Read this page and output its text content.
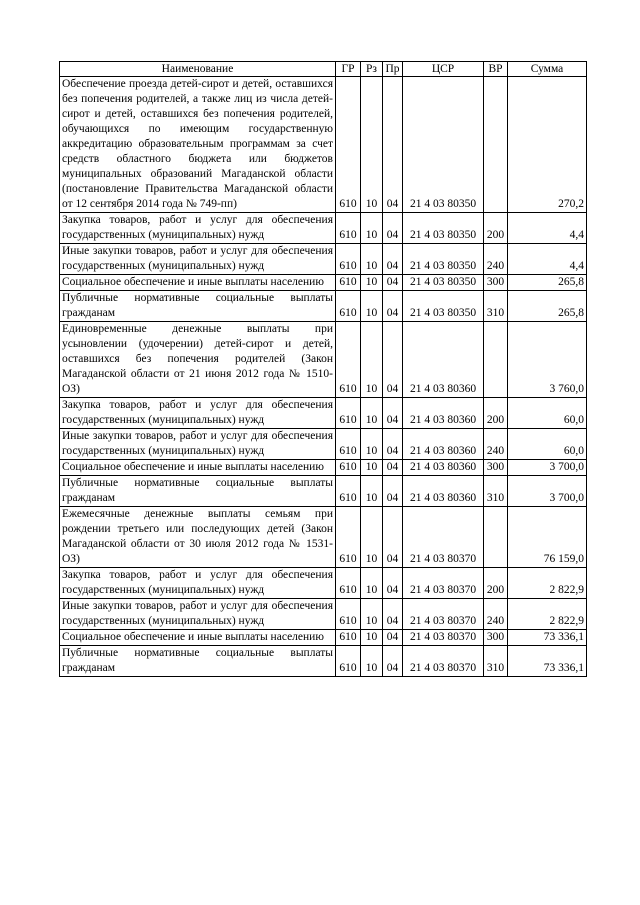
Наименование	ГР	Рз	Пр	ЦСР	ВР	Сумма
Обеспечение проезда детей-сирот и детей, оставшихся без попечения родителей, а также лиц из числа детей-сирот и детей, оставшихся без попечения родителей, обучающихся по имеющим государственную аккредитацию образовательным программам за счет средств областного бюджета или бюджетов муниципальных образований Магаданской области (постановление Правительства Магаданской области от 12 сентября 2014 года № 749-пп)	610	10	04	21 4 03 80350		270,2
Закупка товаров, работ и услуг для обеспечения государственных (муниципальных) нужд	610	10	04	21 4 03 80350	200	4,4
Иные закупки товаров, работ и услуг для обеспечения государственных (муниципальных) нужд	610	10	04	21 4 03 80350	240	4,4
Социальное обеспечение и иные выплаты населению	610	10	04	21 4 03 80350	300	265,8
Публичные нормативные социальные выплаты гражданам	610	10	04	21 4 03 80350	310	265,8
Единовременные денежные выплаты при усыновлении (удочерении) детей-сирот и детей, оставшихся без попечения родителей (Закон Магаданской области от 21 июня 2012 года № 1510-ОЗ)	610	10	04	21 4 03 80360		3 760,0
Закупка товаров, работ и услуг для обеспечения государственных (муниципальных) нужд	610	10	04	21 4 03 80360	200	60,0
Иные закупки товаров, работ и услуг для обеспечения государственных (муниципальных) нужд	610	10	04	21 4 03 80360	240	60,0
Социальное обеспечение и иные выплаты населению	610	10	04	21 4 03 80360	300	3 700,0
Публичные нормативные социальные выплаты гражданам	610	10	04	21 4 03 80360	310	3 700,0
Ежемесячные денежные выплаты семьям при рождении третьего или последующих детей (Закон Магаданской области от 30 июля 2012 года № 1531-ОЗ)	610	10	04	21 4 03 80370		76 159,0
Закупка товаров, работ и услуг для обеспечения государственных (муниципальных) нужд	610	10	04	21 4 03 80370	200	2 822,9
Иные закупки товаров, работ и услуг для обеспечения государственных (муниципальных) нужд	610	10	04	21 4 03 80370	240	2 822,9
Социальное обеспечение и иные выплаты населению	610	10	04	21 4 03 80370	300	73 336,1
Публичные нормативные социальные выплаты гражданам	610	10	04	21 4 03 80370	310	73 336,1
